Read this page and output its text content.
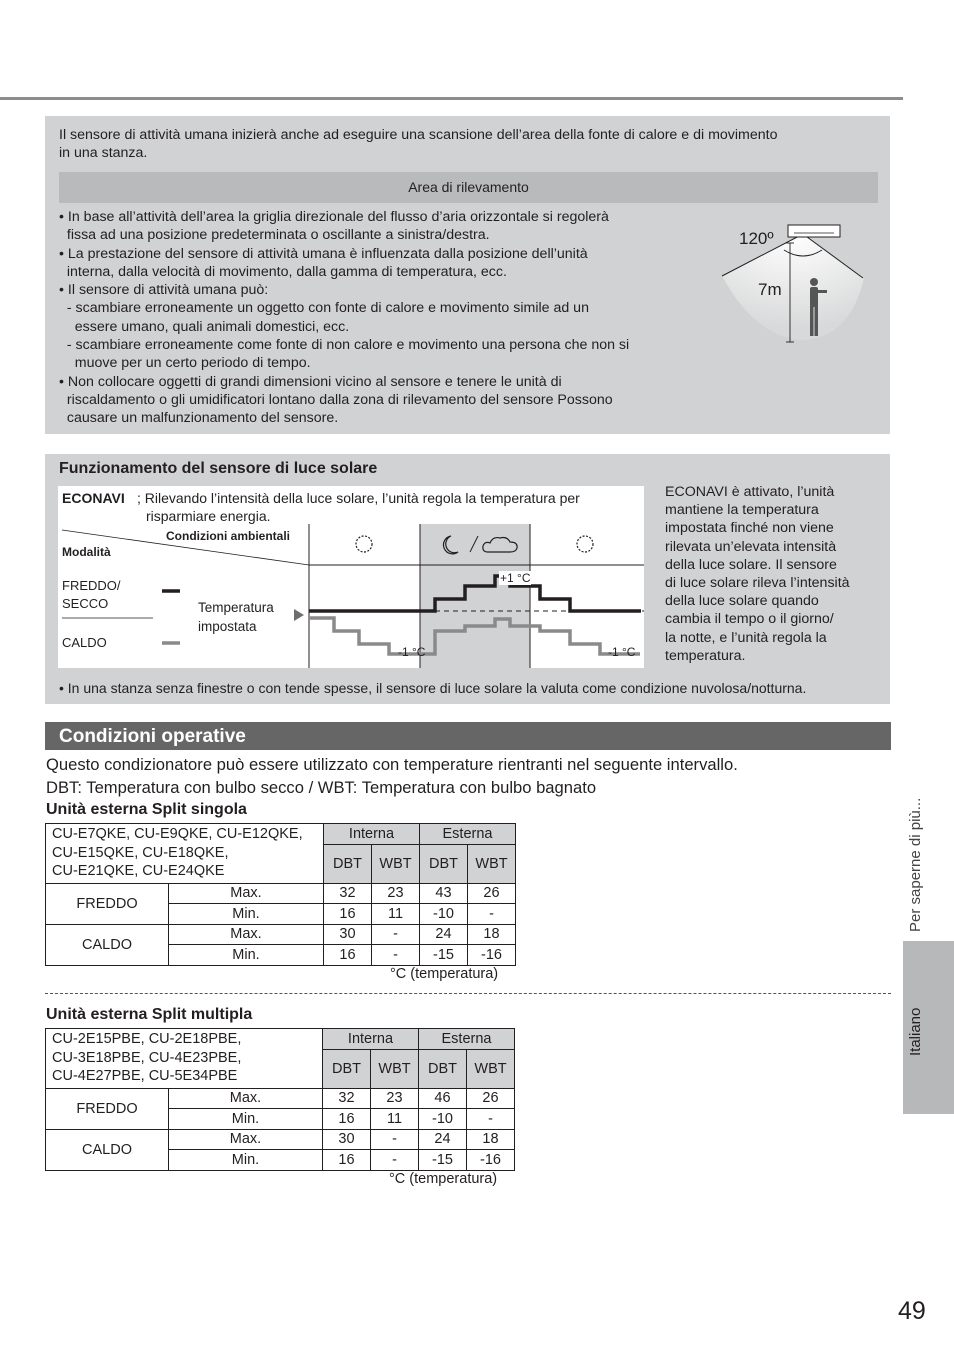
Il sensore di attività umana inizierà anche ad eseguire una scansione dell’area della fonte di calore e di movimento
in una stanza.
Area di rilevamento
• In base all’attività dell’area la griglia direzionale del flusso d’aria orizzontale si regolerà
fissa ad una posizione predeterminata o oscillante a sinistra/destra.
• La prestazione del sensore di attività umana è influenzata dalla posizione dell’unità
interna, dalla velocità di movimento, dalla gamma di temperatura, ecc.
• Il sensore di attività umana può:
- scambiare erroneamente un oggetto con fonte di calore e movimento simile ad un
essere umano, quali animali domestici, ecc.
- scambiare erroneamente come fonte di non calore e movimento una persona che non si
muove per un certo periodo di tempo.
• Non collocare oggetti di grandi dimensioni vicino al sensore e tenere le unità di
riscaldamento o gli umidificatori lontano dalla zona di rilevamento del sensore Possono
causare un malfunzionamento del sensore.
120º
7m
Funzionamento del sensore di luce solare
ECONAVI ; Rilevando l’intensità della luce solare, l’unità regola la temperatura per
risparmiare energia.
Condizioni ambientali
Modalità
FREDDO/
SECCO
CALDO
Temperatura
impostata
+1 °C
-1 °C	-1 °C
ECONAVI è attivato, l’unità
mantiene la temperatura
impostata finché non viene
rilevata un’elevata intensità
della luce solare. Il sensore
di luce solare rileva l’intensità
della luce solare quando
cambia il tempo o il giorno/
la notte, e l’unità regola la
temperatura.
• In una stanza senza finestre o con tende spesse, il sensore di luce solare la valuta come condizione nuvolosa/notturna.
Condizioni operative
Questo condizionatore può essere utilizzato con temperature rientranti nel seguente intervallo.
DBT: Temperatura con bulbo secco / WBT: Temperatura con bulbo bagnato
Unità esterna Split singola
CU-E7QKE, CU-E9QKE, CU-E12QKE,
CU-E15QKE, CU-E18QKE,
CU-E21QKE, CU-E24QKE		Interna		Esterna	
		DBT	WBT	DBT	WBT
FREDDO	Max.	32	23	43	26
	Min.	16	11	-10	-
CALDO	Max.	30	-	24	18
	Min.	16	-	-15	-16
°C (temperatura)
Unità esterna Split multipla
CU-2E15PBE, CU-2E18PBE,
CU-3E18PBE, CU-4E23PBE,
CU-4E27PBE, CU-5E34PBE		Interna		Esterna	
		DBT	WBT	DBT	WBT
FREDDO	Max.	32	23	46	26
	Min.	16	11	-10	-
CALDO	Max.	30	-	24	18
	Min.	16	-	-15	-16
°C (temperatura)
Per saperne di più...
Italiano
49
